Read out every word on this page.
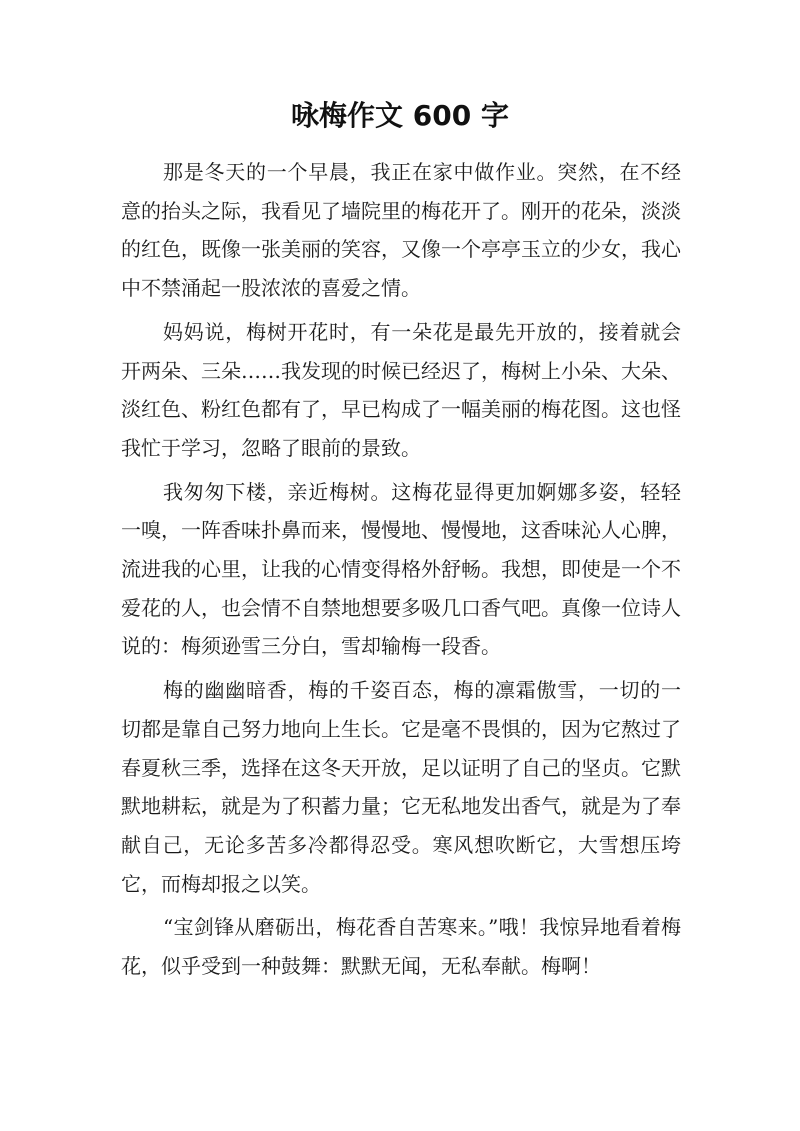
咏梅作文 600 字

那是冬天的一个早晨，我正在家中做作业。突然，在不经意的抬头之际，我看见了墙院里的梅花开了。刚开的花朵，淡淡的红色，既像一张美丽的笑容，又像一个亭亭玉立的少女，我心中不禁涌起一股浓浓的喜爱之情。

妈妈说，梅树开花时，有一朵花是最先开放的，接着就会开两朵、三朵……我发现的时候已经迟了，梅树上小朵、大朵、淡红色、粉红色都有了，早已构成了一幅美丽的梅花图。这也怪我忙于学习，忽略了眼前的景致。

我匆匆下楼，亲近梅树。这梅花显得更加婀娜多姿，轻轻一嗅，一阵香味扑鼻而来，慢慢地、慢慢地，这香味沁人心脾，流进我的心里，让我的心情变得格外舒畅。我想，即使是一个不爱花的人，也会情不自禁地想要多吸几口香气吧。真像一位诗人说的：梅须逊雪三分白，雪却输梅一段香。

梅的幽幽暗香，梅的千姿百态，梅的凛霜傲雪，一切的一切都是靠自己努力地向上生长。它是毫不畏惧的，因为它熬过了春夏秋三季，选择在这冬天开放，足以证明了自己的坚贞。它默默地耕耘，就是为了积蓄力量；它无私地发出香气，就是为了奉献自己，无论多苦多冷都得忍受。寒风想吹断它，大雪想压垮它，而梅却报之以笑。

“宝剑锋从磨砺出，梅花香自苦寒来。”哦！我惊异地看着梅花，似乎受到一种鼓舞：默默无闻，无私奉献。梅啊！
